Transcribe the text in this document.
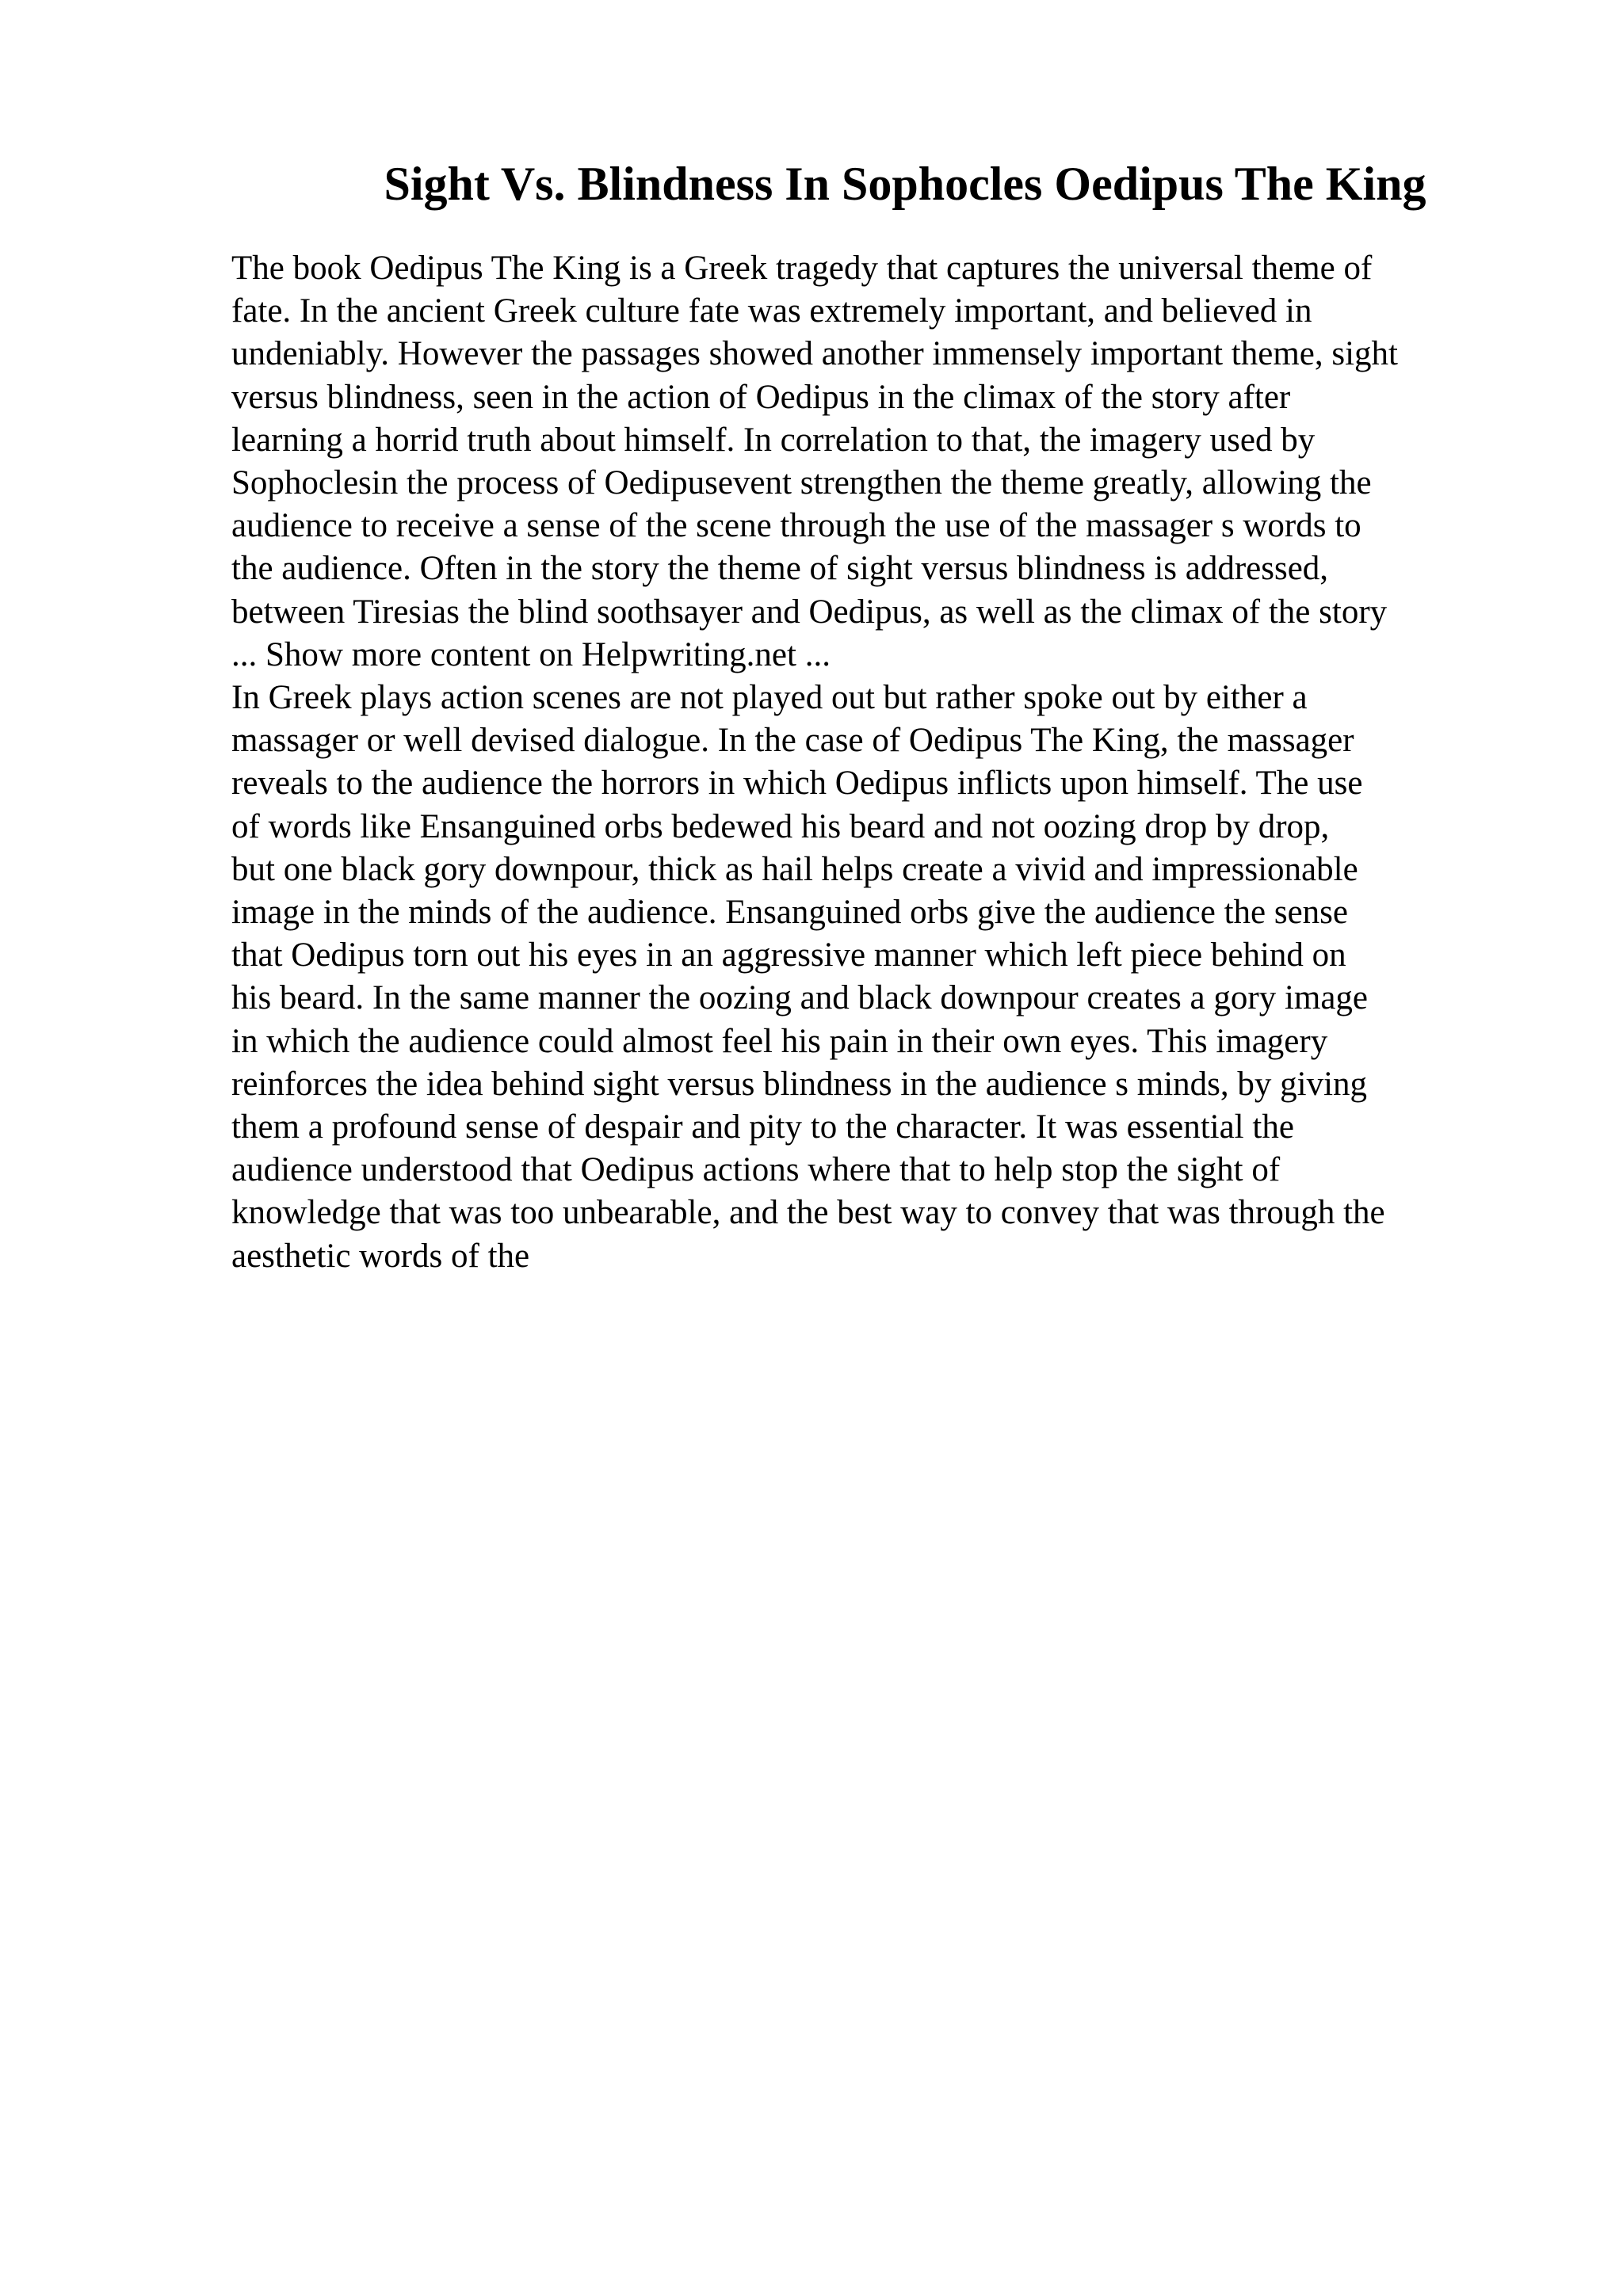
Sight Vs. Blindness In Sophocles Oedipus The King
The book Oedipus The King is a Greek tragedy that captures the universal theme of
fate. In the ancient Greek culture fate was extremely important, and believed in
undeniably. However the passages showed another immensely important theme, sight
versus blindness, seen in the action of Oedipus in the climax of the story after
learning a horrid truth about himself. In correlation to that, the imagery used by
Sophoclesin the process of Oedipusevent strengthen the theme greatly, allowing the
audience to receive a sense of the scene through the use of the massager s words to
the audience. Often in the story the theme of sight versus blindness is addressed,
between Tiresias the blind soothsayer and Oedipus, as well as the climax of the story
... Show more content on Helpwriting.net ...
In Greek plays action scenes are not played out but rather spoke out by either a
massager or well devised dialogue. In the case of Oedipus The King, the massager
reveals to the audience the horrors in which Oedipus inflicts upon himself. The use
of words like Ensanguined orbs bedewed his beard and not oozing drop by drop,
but one black gory downpour, thick as hail helps create a vivid and impressionable
image in the minds of the audience. Ensanguined orbs give the audience the sense
that Oedipus torn out his eyes in an aggressive manner which left piece behind on
his beard. In the same manner the oozing and black downpour creates a gory image
in which the audience could almost feel his pain in their own eyes. This imagery
reinforces the idea behind sight versus blindness in the audience s minds, by giving
them a profound sense of despair and pity to the character. It was essential the
audience understood that Oedipus actions where that to help stop the sight of
knowledge that was too unbearable, and the best way to convey that was through the
aesthetic words of the
